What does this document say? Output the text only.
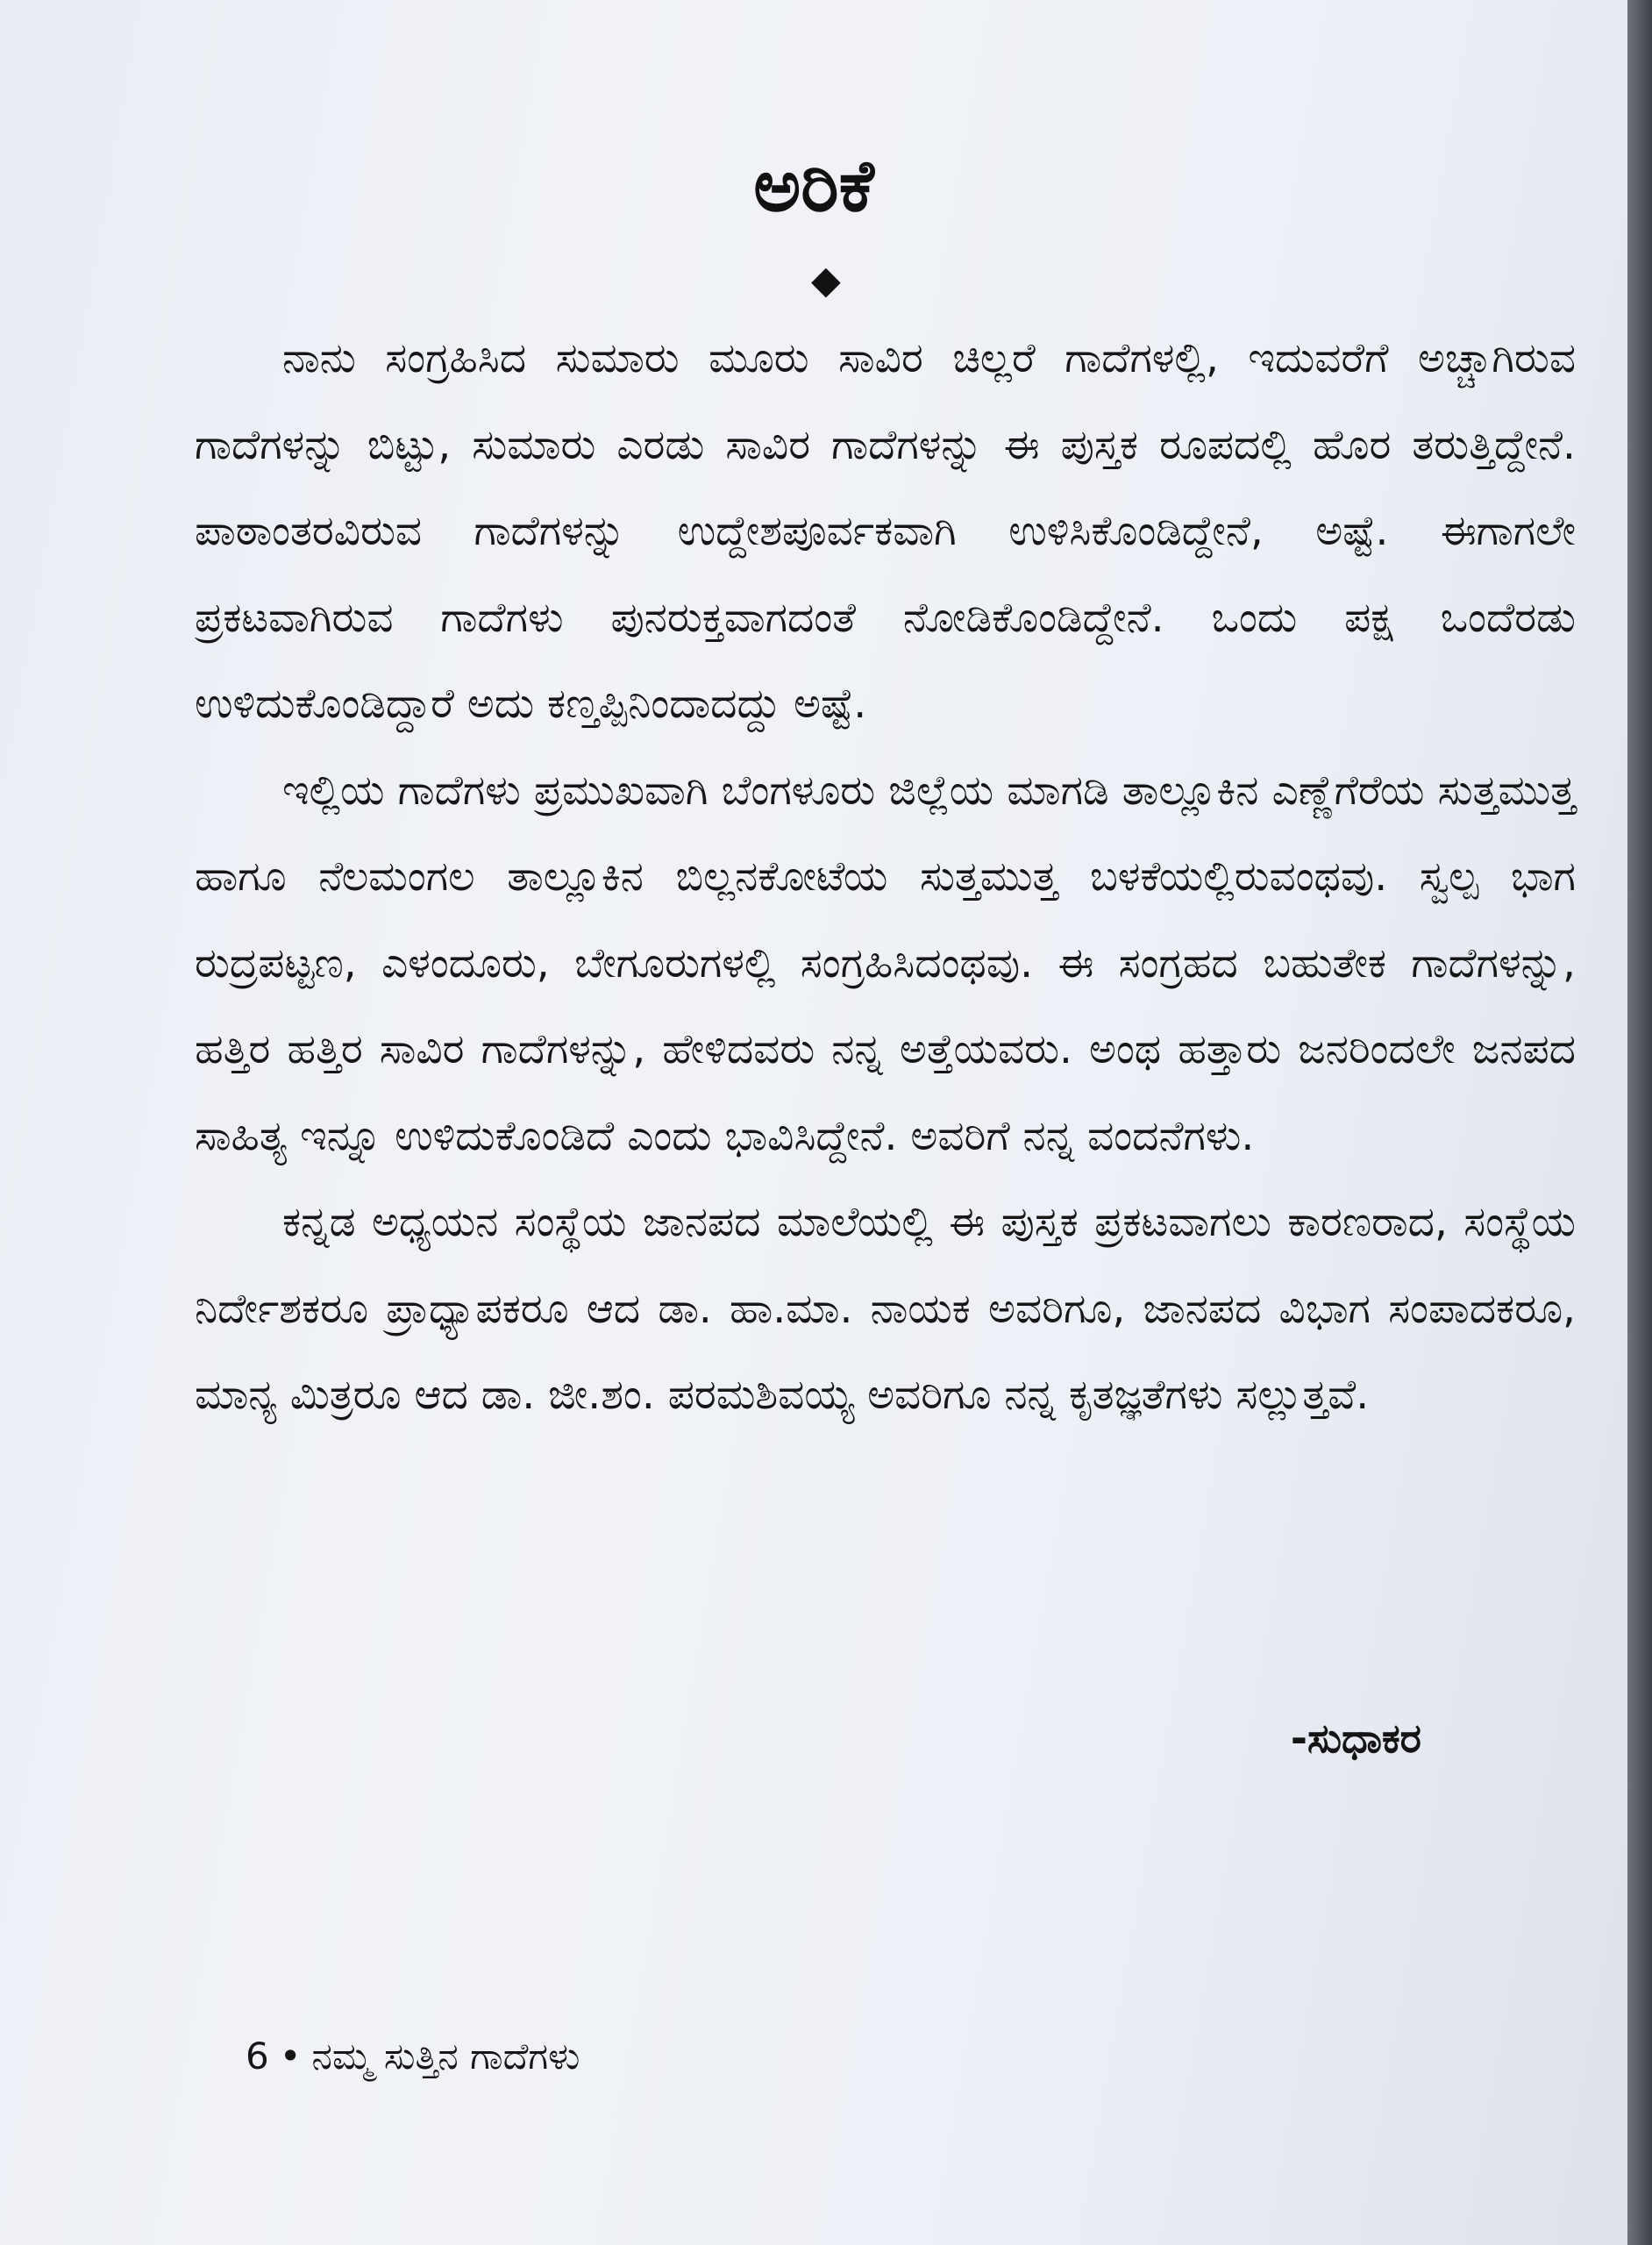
ಅರಿಕೆ
◆

ನಾನು ಸಂಗ್ರಹಿಸಿದ ಸುಮಾರು ಮೂರು ಸಾವಿರ ಚಿಲ್ಲರೆ ಗಾದೆಗಳಲ್ಲಿ, ಇದುವರೆಗೆ ಅಚ್ಚಾಗಿರುವ ಗಾದೆಗಳನ್ನು ಬಿಟ್ಟು, ಸುಮಾರು ಎರಡು ಸಾವಿರ ಗಾದೆಗಳನ್ನು ಈ ಪುಸ್ತಕ ರೂಪದಲ್ಲಿ ಹೊರ ತರುತ್ತಿದ್ದೇನೆ. ಪಾಠಾಂತರವಿರುವ ಗಾದೆಗಳನ್ನು ಉದ್ದೇಶಪೂರ್ವಕವಾಗಿ ಉಳಿಸಿಕೊಂಡಿದ್ದೇನೆ, ಅಷ್ಟೆ. ಈಗಾಗಲೇ ಪ್ರಕಟವಾಗಿರುವ ಗಾದೆಗಳು ಪುನರುಕ್ತವಾಗದಂತೆ ನೋಡಿಕೊಂಡಿದ್ದೇನೆ. ಒಂದು ಪಕ್ಷ ಒಂದೆರಡು ಉಳಿದುಕೊಂಡಿದ್ದಾರೆ ಅದು ಕಣ್ತಪ್ಪಿನಿಂದಾದದ್ದು ಅಷ್ಟೆ.

ಇಲ್ಲಿಯ ಗಾದೆಗಳು ಪ್ರಮುಖವಾಗಿ ಬೆಂಗಳೂರು ಜಿಲ್ಲೆಯ ಮಾಗಡಿ ತಾಲ್ಲೂಕಿನ ಎಣ್ಣೆಗೆರೆಯ ಸುತ್ತಮುತ್ತ ಹಾಗೂ ನೆಲಮಂಗಲ ತಾಲ್ಲೂಕಿನ ಬಿಲ್ಲನಕೋಟೆಯ ಸುತ್ತಮುತ್ತ ಬಳಕೆಯಲ್ಲಿರುವಂಥವು. ಸ್ವಲ್ಪ ಭಾಗ ರುದ್ರಪಟ್ಟಣ, ಎಳಂದೂರು, ಬೇಗೂರುಗಳಲ್ಲಿ ಸಂಗ್ರಹಿಸಿದಂಥವು. ಈ ಸಂಗ್ರಹದ ಬಹುತೇಕ ಗಾದೆಗಳನ್ನು, ಹತ್ತಿರ ಹತ್ತಿರ ಸಾವಿರ ಗಾದೆಗಳನ್ನು, ಹೇಳಿದವರು ನನ್ನ ಅತ್ತೆಯವರು. ಅಂಥ ಹತ್ತಾರು ಜನರಿಂದಲೇ ಜನಪದ ಸಾಹಿತ್ಯ ಇನ್ನೂ ಉಳಿದುಕೊಂಡಿದೆ ಎಂದು ಭಾವಿಸಿದ್ದೇನೆ. ಅವರಿಗೆ ನನ್ನ ವಂದನೆಗಳು.

ಕನ್ನಡ ಅಧ್ಯಯನ ಸಂಸ್ಥೆಯ ಜಾನಪದ ಮಾಲೆಯಲ್ಲಿ ಈ ಪುಸ್ತಕ ಪ್ರಕಟವಾಗಲು ಕಾರಣರಾದ, ಸಂಸ್ಥೆಯ ನಿರ್ದೇಶಕರೂ ಪ್ರಾಧ್ಯಾಪಕರೂ ಆದ ಡಾ. ಹಾ.ಮಾ. ನಾಯಕ ಅವರಿಗೂ, ಜಾನಪದ ವಿಭಾಗ ಸಂಪಾದಕರೂ, ಮಾನ್ಯ ಮಿತ್ರರೂ ಆದ ಡಾ. ಜೀ.ಶಂ. ಪರಮಶಿವಯ್ಯ ಅವರಿಗೂ ನನ್ನ ಕೃತಜ್ಞತೆಗಳು ಸಲ್ಲುತ್ತವೆ.

-ಸುಧಾಕರ
6 • ನಮ್ಮ ಸುತ್ತಿನ ಗಾದೆಗಳು
